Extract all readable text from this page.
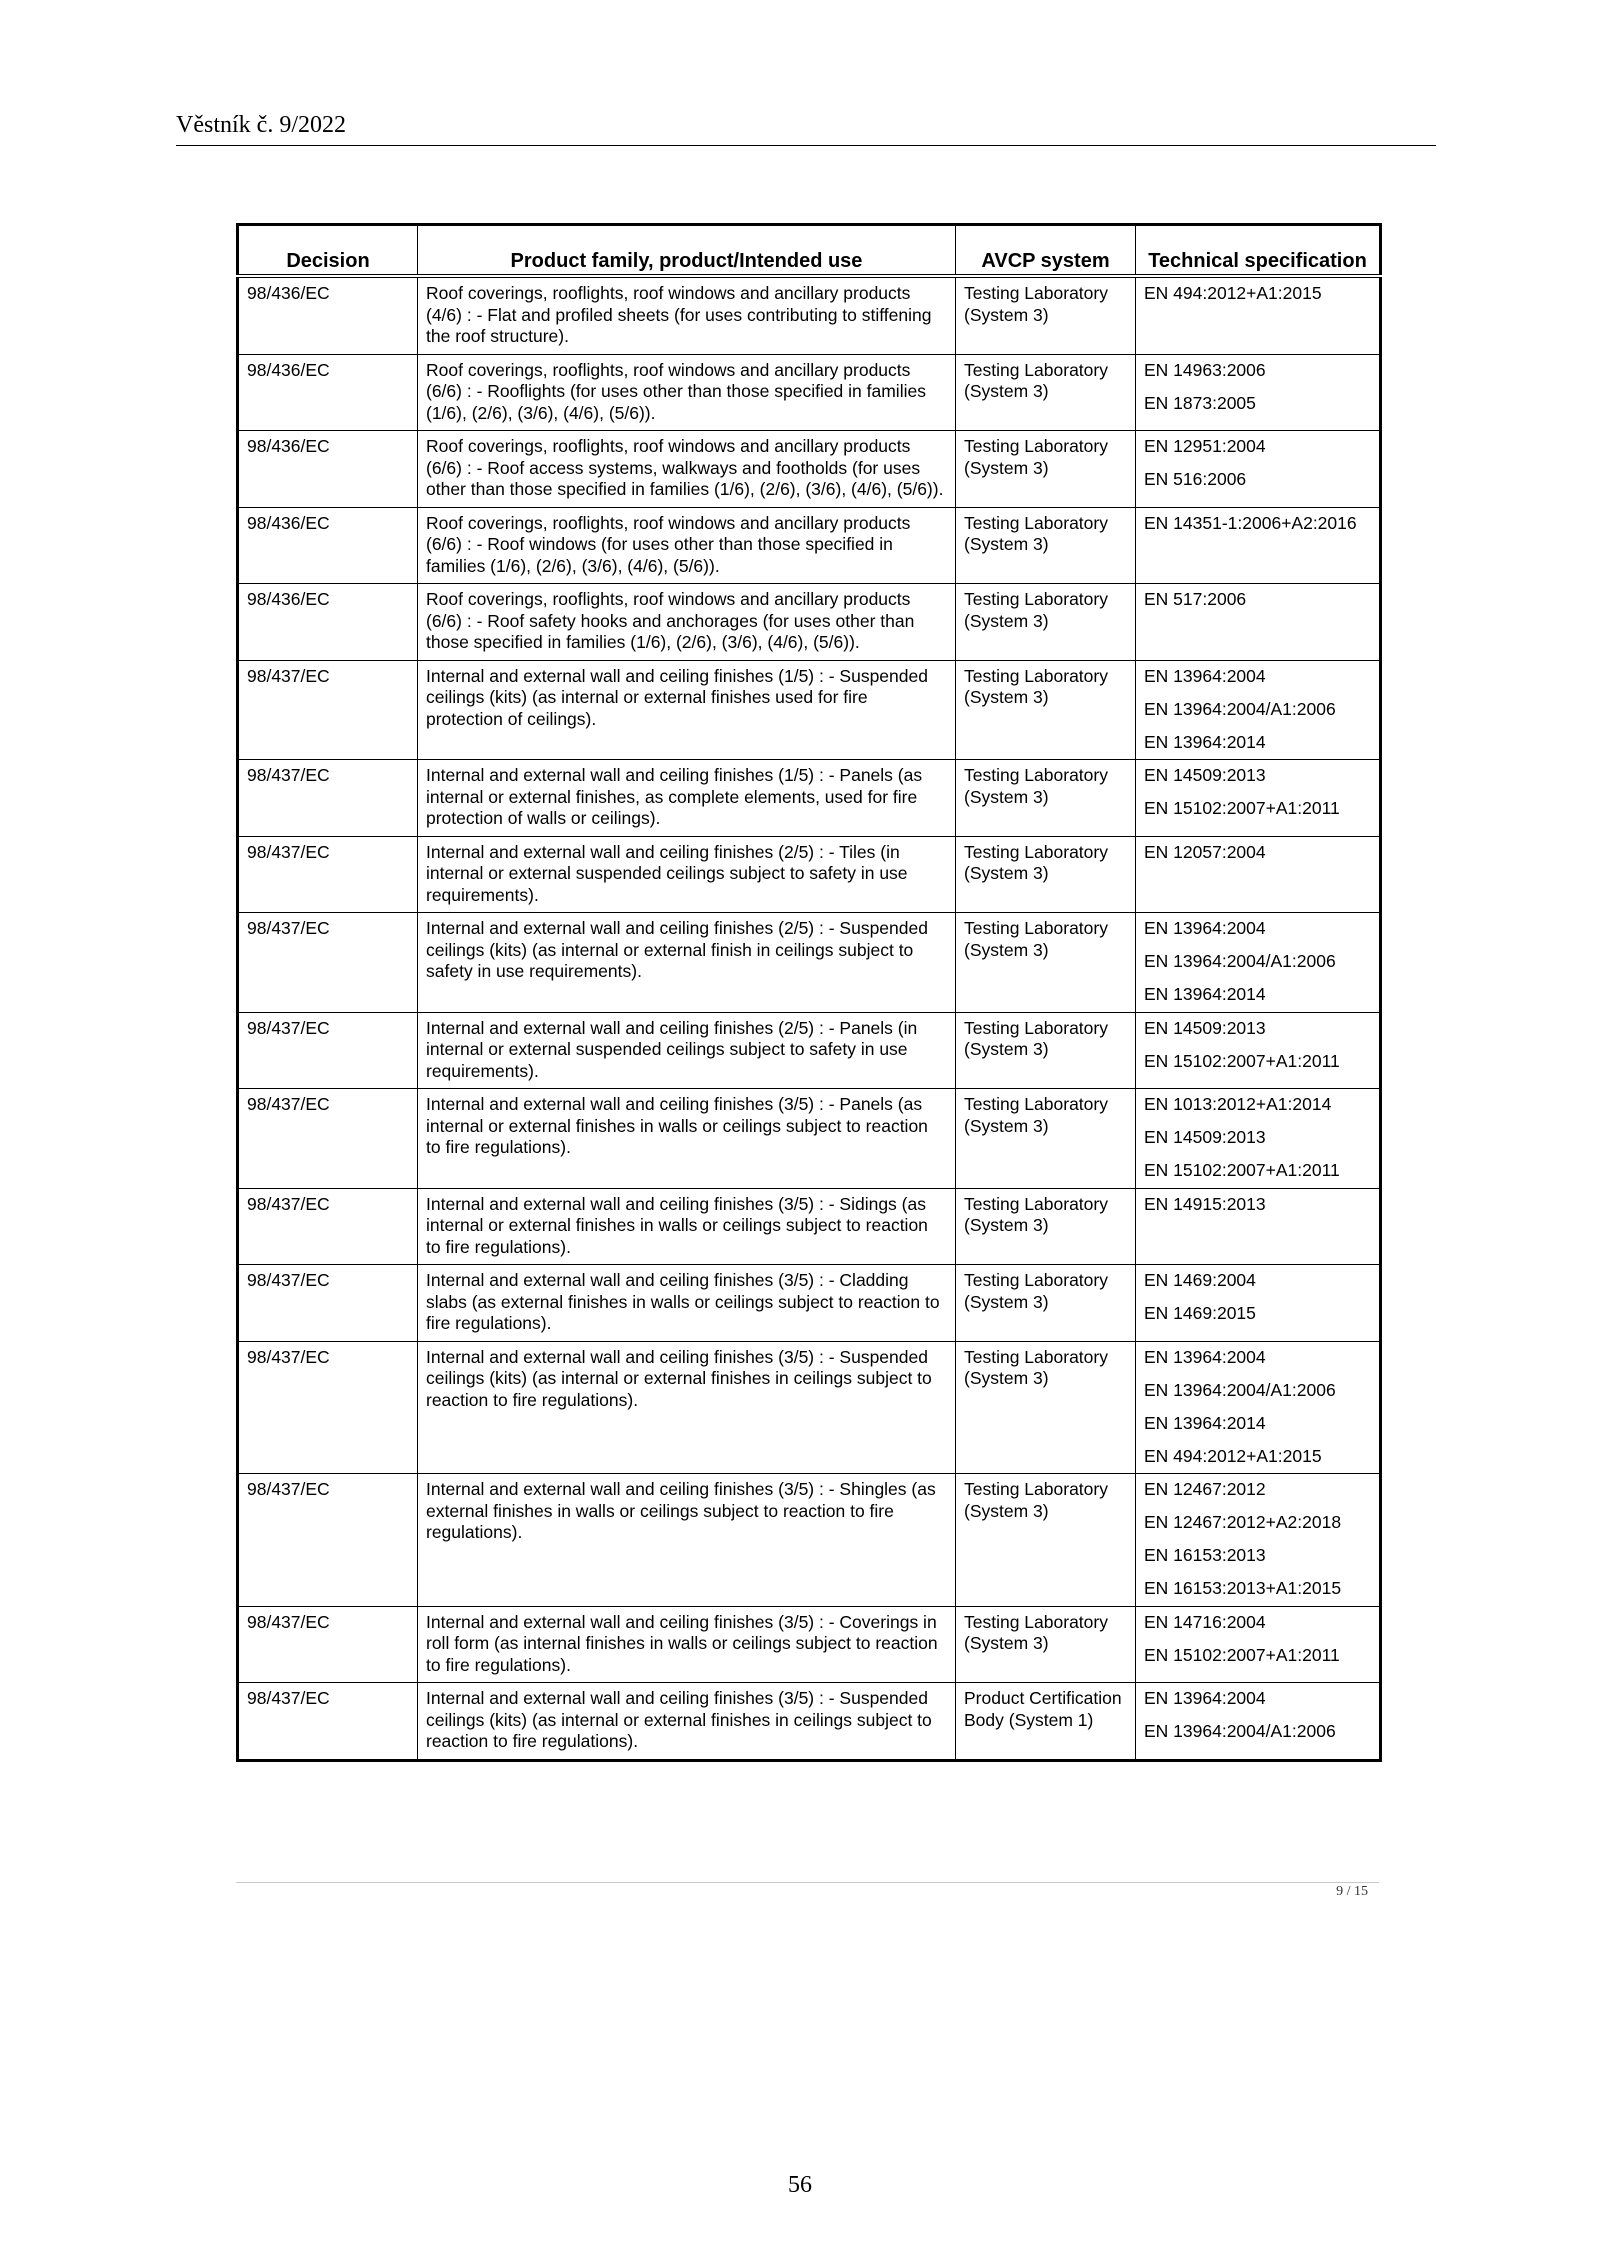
Věstník č. 9/2022
Decision	Product family, product/Intended use	AVCP system	Technical specification
98/436/EC	Roof coverings, rooflights, roof windows and ancillary products (4/6) : - Flat and profiled sheets (for uses contributing to stiffening the roof structure).	Testing Laboratory (System 3)	EN 494:2012+A1:2015

98/436/EC	Roof coverings, rooflights, roof windows and ancillary products (6/6) : - Rooflights (for uses other than those specified in families (1/6), (2/6), (3/6), (4/6), (5/6)).	Testing Laboratory (System 3)	EN 14963:2006
EN 1873:2005

98/436/EC	Roof coverings, rooflights, roof windows and ancillary products (6/6) : - Roof access systems, walkways and footholds (for uses other than those specified in families (1/6), (2/6), (3/6), (4/6), (5/6)).	Testing Laboratory (System 3)	EN 12951:2004
EN 516:2006

98/436/EC	Roof coverings, rooflights, roof windows and ancillary products (6/6) : - Roof windows (for uses other than those specified in families (1/6), (2/6), (3/6), (4/6), (5/6)).	Testing Laboratory (System 3)	EN 14351-1:2006+A2:2016

98/436/EC	Roof coverings, rooflights, roof windows and ancillary products (6/6) : - Roof safety hooks and anchorages (for uses other than those specified in families (1/6), (2/6), (3/6), (4/6), (5/6)).	Testing Laboratory (System 3)	EN 517:2006

98/437/EC	Internal and external wall and ceiling finishes (1/5) : - Suspended ceilings (kits) (as internal or external finishes used for fire protection of ceilings).	Testing Laboratory (System 3)	EN 13964:2004
EN 13964:2004/A1:2006
EN 13964:2014

98/437/EC	Internal and external wall and ceiling finishes (1/5) : - Panels (as internal or external finishes, as complete elements, used for fire protection of walls or ceilings).	Testing Laboratory (System 3)	EN 14509:2013
EN 15102:2007+A1:2011

98/437/EC	Internal and external wall and ceiling finishes (2/5) : - Tiles (in internal or external suspended ceilings subject to safety in use requirements).	Testing Laboratory (System 3)	EN 12057:2004

98/437/EC	Internal and external wall and ceiling finishes (2/5) : - Suspended ceilings (kits) (as internal or external finish in ceilings subject to safety in use requirements).	Testing Laboratory (System 3)	EN 13964:2004
EN 13964:2004/A1:2006
EN 13964:2014

98/437/EC	Internal and external wall and ceiling finishes (2/5) : - Panels (in internal or external suspended ceilings subject to safety in use requirements).	Testing Laboratory (System 3)	EN 14509:2013
EN 15102:2007+A1:2011

98/437/EC	Internal and external wall and ceiling finishes (3/5) : - Panels (as internal or external finishes in walls or ceilings subject to reaction to fire regulations).	Testing Laboratory (System 3)	EN 1013:2012+A1:2014
EN 14509:2013
EN 15102:2007+A1:2011

98/437/EC	Internal and external wall and ceiling finishes (3/5) : - Sidings (as internal or external finishes in walls or ceilings subject to reaction to fire regulations).	Testing Laboratory (System 3)	EN 14915:2013

98/437/EC	Internal and external wall and ceiling finishes (3/5) : - Cladding slabs (as external finishes in walls or ceilings subject to reaction to fire regulations).	Testing Laboratory (System 3)	EN 1469:2004
EN 1469:2015

98/437/EC	Internal and external wall and ceiling finishes (3/5) : - Suspended ceilings (kits) (as internal or external finishes in ceilings subject to reaction to fire regulations).	Testing Laboratory (System 3)	EN 13964:2004
EN 13964:2004/A1:2006
EN 13964:2014
EN 494:2012+A1:2015

98/437/EC	Internal and external wall and ceiling finishes (3/5) : - Shingles (as external finishes in walls or ceilings subject to reaction to fire regulations).	Testing Laboratory (System 3)	EN 12467:2012
EN 12467:2012+A2:2018
EN 16153:2013
EN 16153:2013+A1:2015

98/437/EC	Internal and external wall and ceiling finishes (3/5) : - Coverings in roll form (as internal finishes in walls or ceilings subject to reaction to fire regulations).	Testing Laboratory (System 3)	EN 14716:2004
EN 15102:2007+A1:2011

98/437/EC	Internal and external wall and ceiling finishes (3/5) : - Suspended ceilings (kits) (as internal or external finishes in ceilings subject to reaction to fire regulations).	Product Certification Body (System 1)	EN 13964:2004
EN 13964:2004/A1:2006
9 / 15
56
